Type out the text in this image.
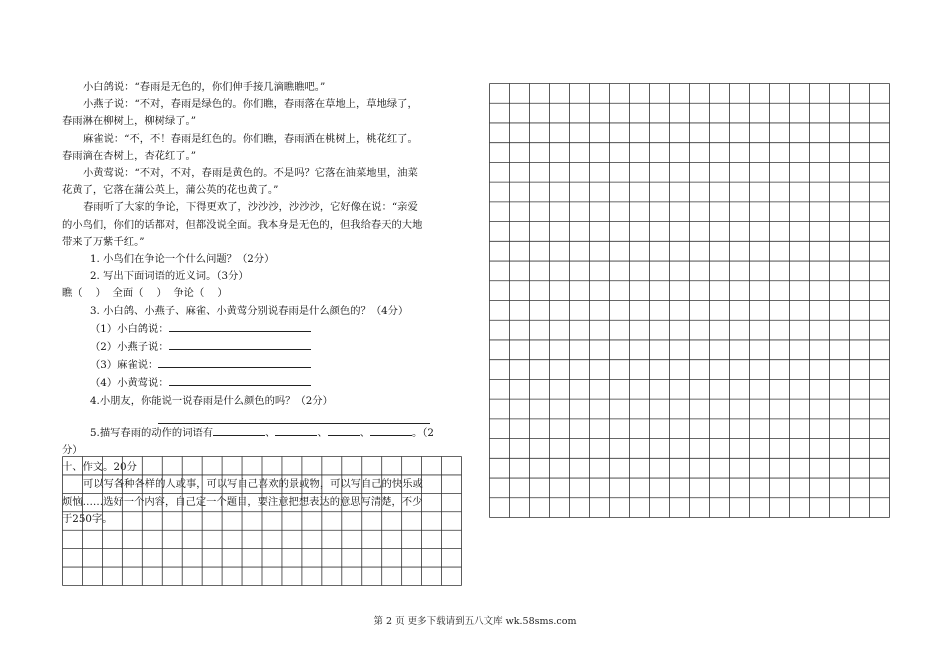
小白鸽说：“春雨是无色的，你们伸手接几滴瞧瞧吧。”

小燕子说：“不对，春雨是绿色的。你们瞧，春雨落在草地上，草地绿了，

春雨淋在柳树上，柳树绿了。”

麻雀说：“不，不！春雨是红色的。你们瞧，春雨洒在桃树上，桃花红了。

春雨滴在杏树上，杏花红了。”

小黄莺说：“不对，不对，春雨是黄色的。不是吗？它落在油菜地里，油菜

花黄了，它落在蒲公英上，蒲公英的花也黄了。”

春雨听了大家的争论，下得更欢了，沙沙沙，沙沙沙，它好像在说：“亲爱

的小鸟们，你们的话都对，但都没说全面。我本身是无色的，但我给春天的大地

带来了万紫千红。”

1. 小鸟们在争论一个什么问题？（2分）

2. 写出下面词语的近义词。（3分）

瞧（    ）  全面（    ）  争论（    ）

3. 小白鸽、小燕子、麻雀、小黄莺分别说春雨是什么颜色的？（4分）

（1）小白鸽说：

（2）小燕子说：

（3）麻雀说：

（4）小黄莺说：

4.小朋友，你能说一说春雨是什么颜色的吗？（2分）

5.描写春雨的动作的词语有	、	、	、	。（2

分）

十、作文。20分

可以写各种各样的人或事，可以写自己喜欢的景或物，可以写自己的快乐或

烦恼……选好一个内容，自己定一个题目，要注意把想表达的意思写清楚，不少

于250字。

第 2 页 更多下载请到五八文库 wk.58sms.com
